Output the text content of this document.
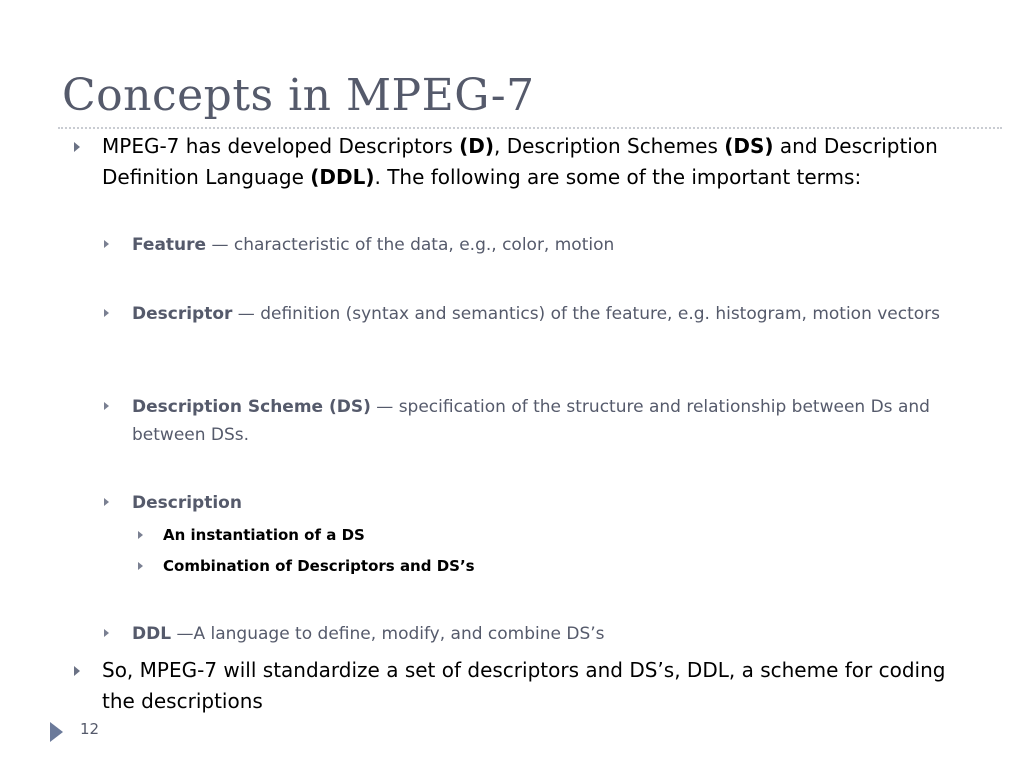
Concepts in MPEG-7
MPEG-7 has developed Descriptors (D), Description Schemes (DS) and Description Definition Language (DDL). The following are some of the important terms:
Feature — characteristic of the data, e.g., color, motion
Descriptor — definition (syntax and semantics) of the feature, e.g. histogram, motion vectors
Description Scheme (DS) — specification of the structure and relationship between Ds and between DSs.
Description
An instantiation of a DS
Combination of Descriptors and DS’s
DDL —A language to define, modify, and combine DS’s
So, MPEG-7 will standardize a set of descriptors and DS’s, DDL, a scheme for coding the descriptions
12
